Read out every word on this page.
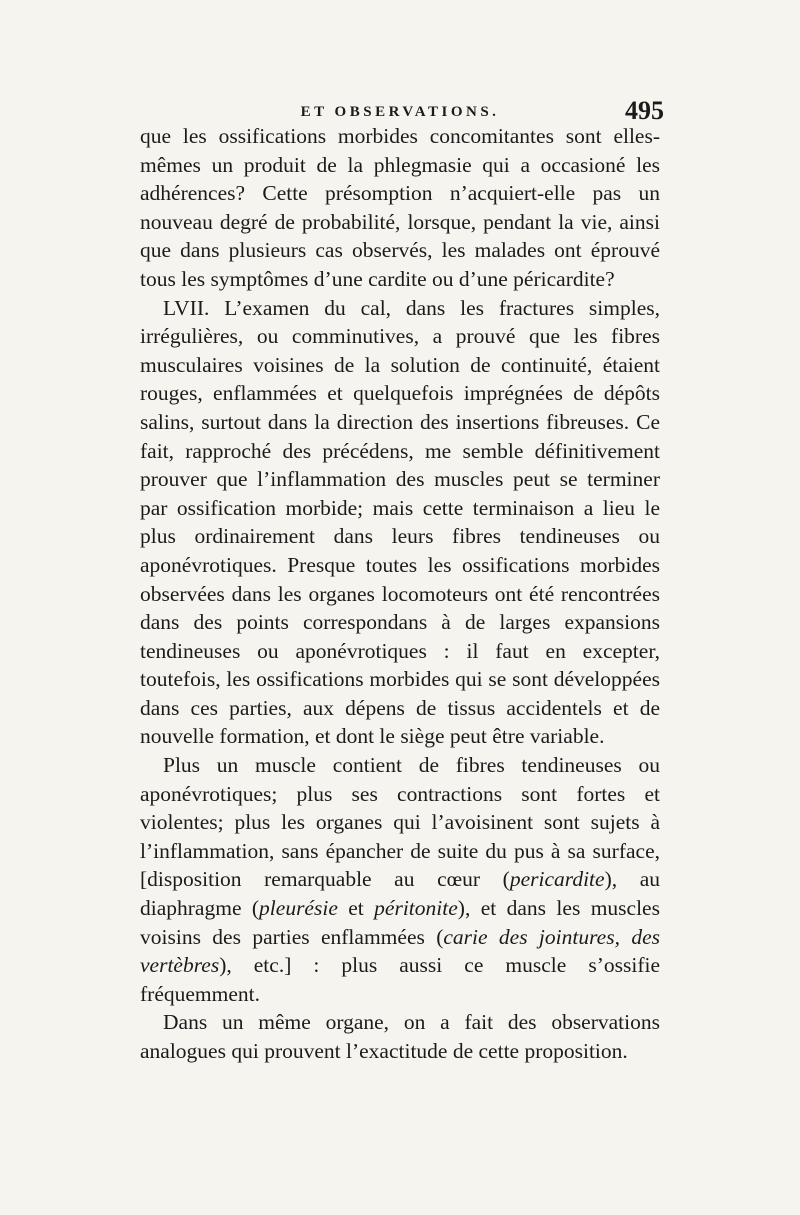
ET OBSERVATIONS.	495

que les ossifications morbides concomitantes sont elles-mêmes un produit de la phlegmasie qui a occasioné les adhérences? Cette présomption n’acquiert-elle pas un nouveau degré de probabilité, lorsque, pendant la vie, ainsi que dans plusieurs cas observés, les malades ont éprouvé tous les symptômes d’une cardite ou d’une péricardite?

LVII. L’examen du cal, dans les fractures simples, irrégulières, ou comminutives, a prouvé que les fibres musculaires voisines de la solution de continuité, étaient rouges, enflammées et quelquefois imprégnées de dépôts salins, surtout dans la direction des insertions fibreuses. Ce fait, rapproché des précédens, me semble définitivement prouver que l’inflammation des muscles peut se terminer par ossification morbide; mais cette terminaison a lieu le plus ordinairement dans leurs fibres tendineuses ou aponévrotiques. Presque toutes les ossifications morbides observées dans les organes locomoteurs ont été rencontrées dans des points correspondans à de larges expansions tendineuses ou aponévrotiques : il faut en excepter, toutefois, les ossifications morbides qui se sont développées dans ces parties, aux dépens de tissus accidentels et de nouvelle formation, et dont le siège peut être variable.

Plus un muscle contient de fibres tendineuses ou aponévrotiques; plus ses contractions sont fortes et violentes; plus les organes qui l’avoisinent sont sujets à l’inflammation, sans épancher de suite du pus à sa surface, [disposition remarquable au cœur (pericardite), au diaphragme (pleurésie et péritonite), et dans les muscles voisins des parties enflammées (carie des jointures, des vertèbres), etc.] : plus aussi ce muscle s’ossifie fréquemment.

Dans un même organe, on a fait des observations analogues qui prouvent l’exactitude de cette proposition.
